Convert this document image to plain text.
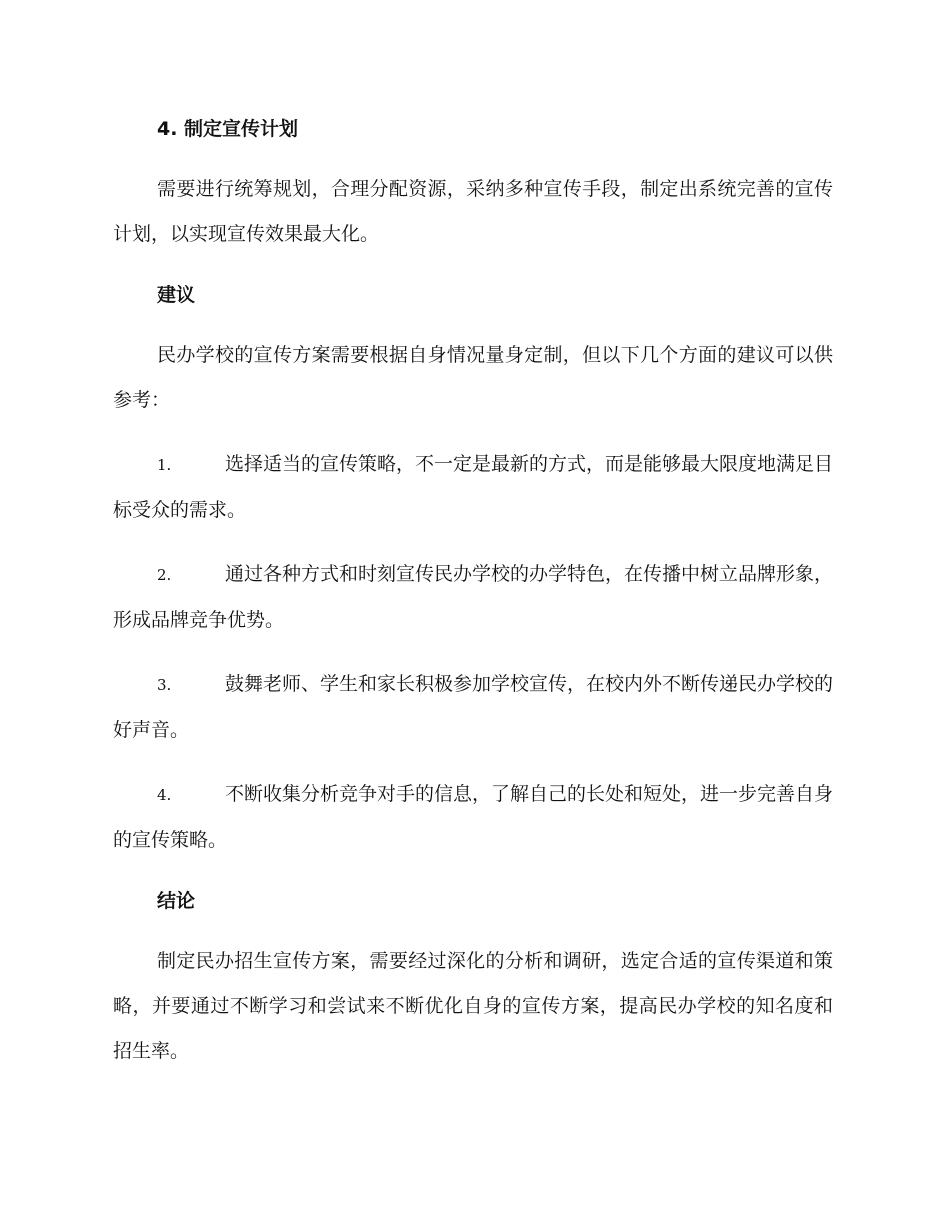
4. 制定宣传计划

需要进行统筹规划，合理分配资源，采纳多种宣传手段，制定出系统完善的宣传计划，以实现宣传效果最大化。

建议

民办学校的宣传方案需要根据自身情况量身定制，但以下几个方面的建议可以供参考：

1.	选择适当的宣传策略，不一定是最新的方式，而是能够最大限度地满足目标受众的需求。
2.	通过各种方式和时刻宣传民办学校的办学特色，在传播中树立品牌形象，形成品牌竞争优势。
3.	鼓舞老师、学生和家长积极参加学校宣传，在校内外不断传递民办学校的好声音。
4.	不断收集分析竞争对手的信息，了解自己的长处和短处，进一步完善自身的宣传策略。
结论

制定民办招生宣传方案，需要经过深化的分析和调研，选定合适的宣传渠道和策略，并要通过不断学习和尝试来不断优化自身的宣传方案，提高民办学校的知名度和招生率。
